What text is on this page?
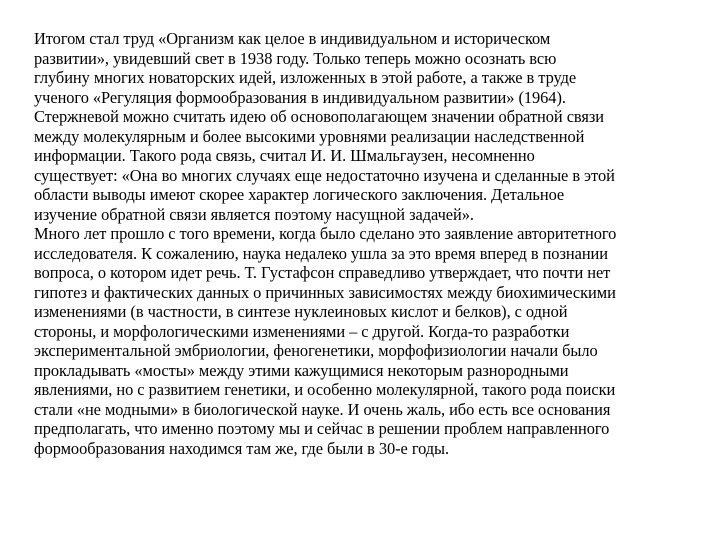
Итогом стал труд «Организм как целое в индивидуальном и историческом
развитии», увидевший свет в 1938 году. Только теперь можно осознать всю
глубину многих новаторских идей, изложенных в этой работе, а также в труде
ученого «Регуляция формообразования в индивидуальном развитии» (1964).
Стержневой можно считать идею об основополагающем значении обратной связи
между молекулярным и более высокими уровнями реализации наследственной
информации. Такого рода связь, считал И. И. Шмальгаузен, несомненно
существует: «Она во многих случаях еще недостаточно изучена и сделанные в этой
области выводы имеют скорее характер логического заключения. Детальное
изучение обратной связи является поэтому насущной задачей».
Много лет прошло с того времени, когда было сделано это заявление авторитетного
исследователя. К сожалению, наука недалеко ушла за это время вперед в познании
вопроса, о котором идет речь. Т. Густафсон справедливо утверждает, что почти нет
гипотез и фактических данных о причинных зависимостях между биохимическими
изменениями (в частности, в синтезе нуклеиновых кислот и белков), с одной
стороны, и морфологическими изменениями – с другой. Когда-то разработки
экспериментальной эмбриологии, феногенетики, морфофизиологии начали было
прокладывать «мосты» между этими кажущимися некоторым разнородными
явлениями, но с развитием генетики, и особенно молекулярной, такого рода поиски
стали «не модными» в биологической науке. И очень жаль, ибо есть все основания
предполагать, что именно поэтому мы и сейчас в решении проблем направленного
формообразования находимся там же, где были в 30-е годы.
